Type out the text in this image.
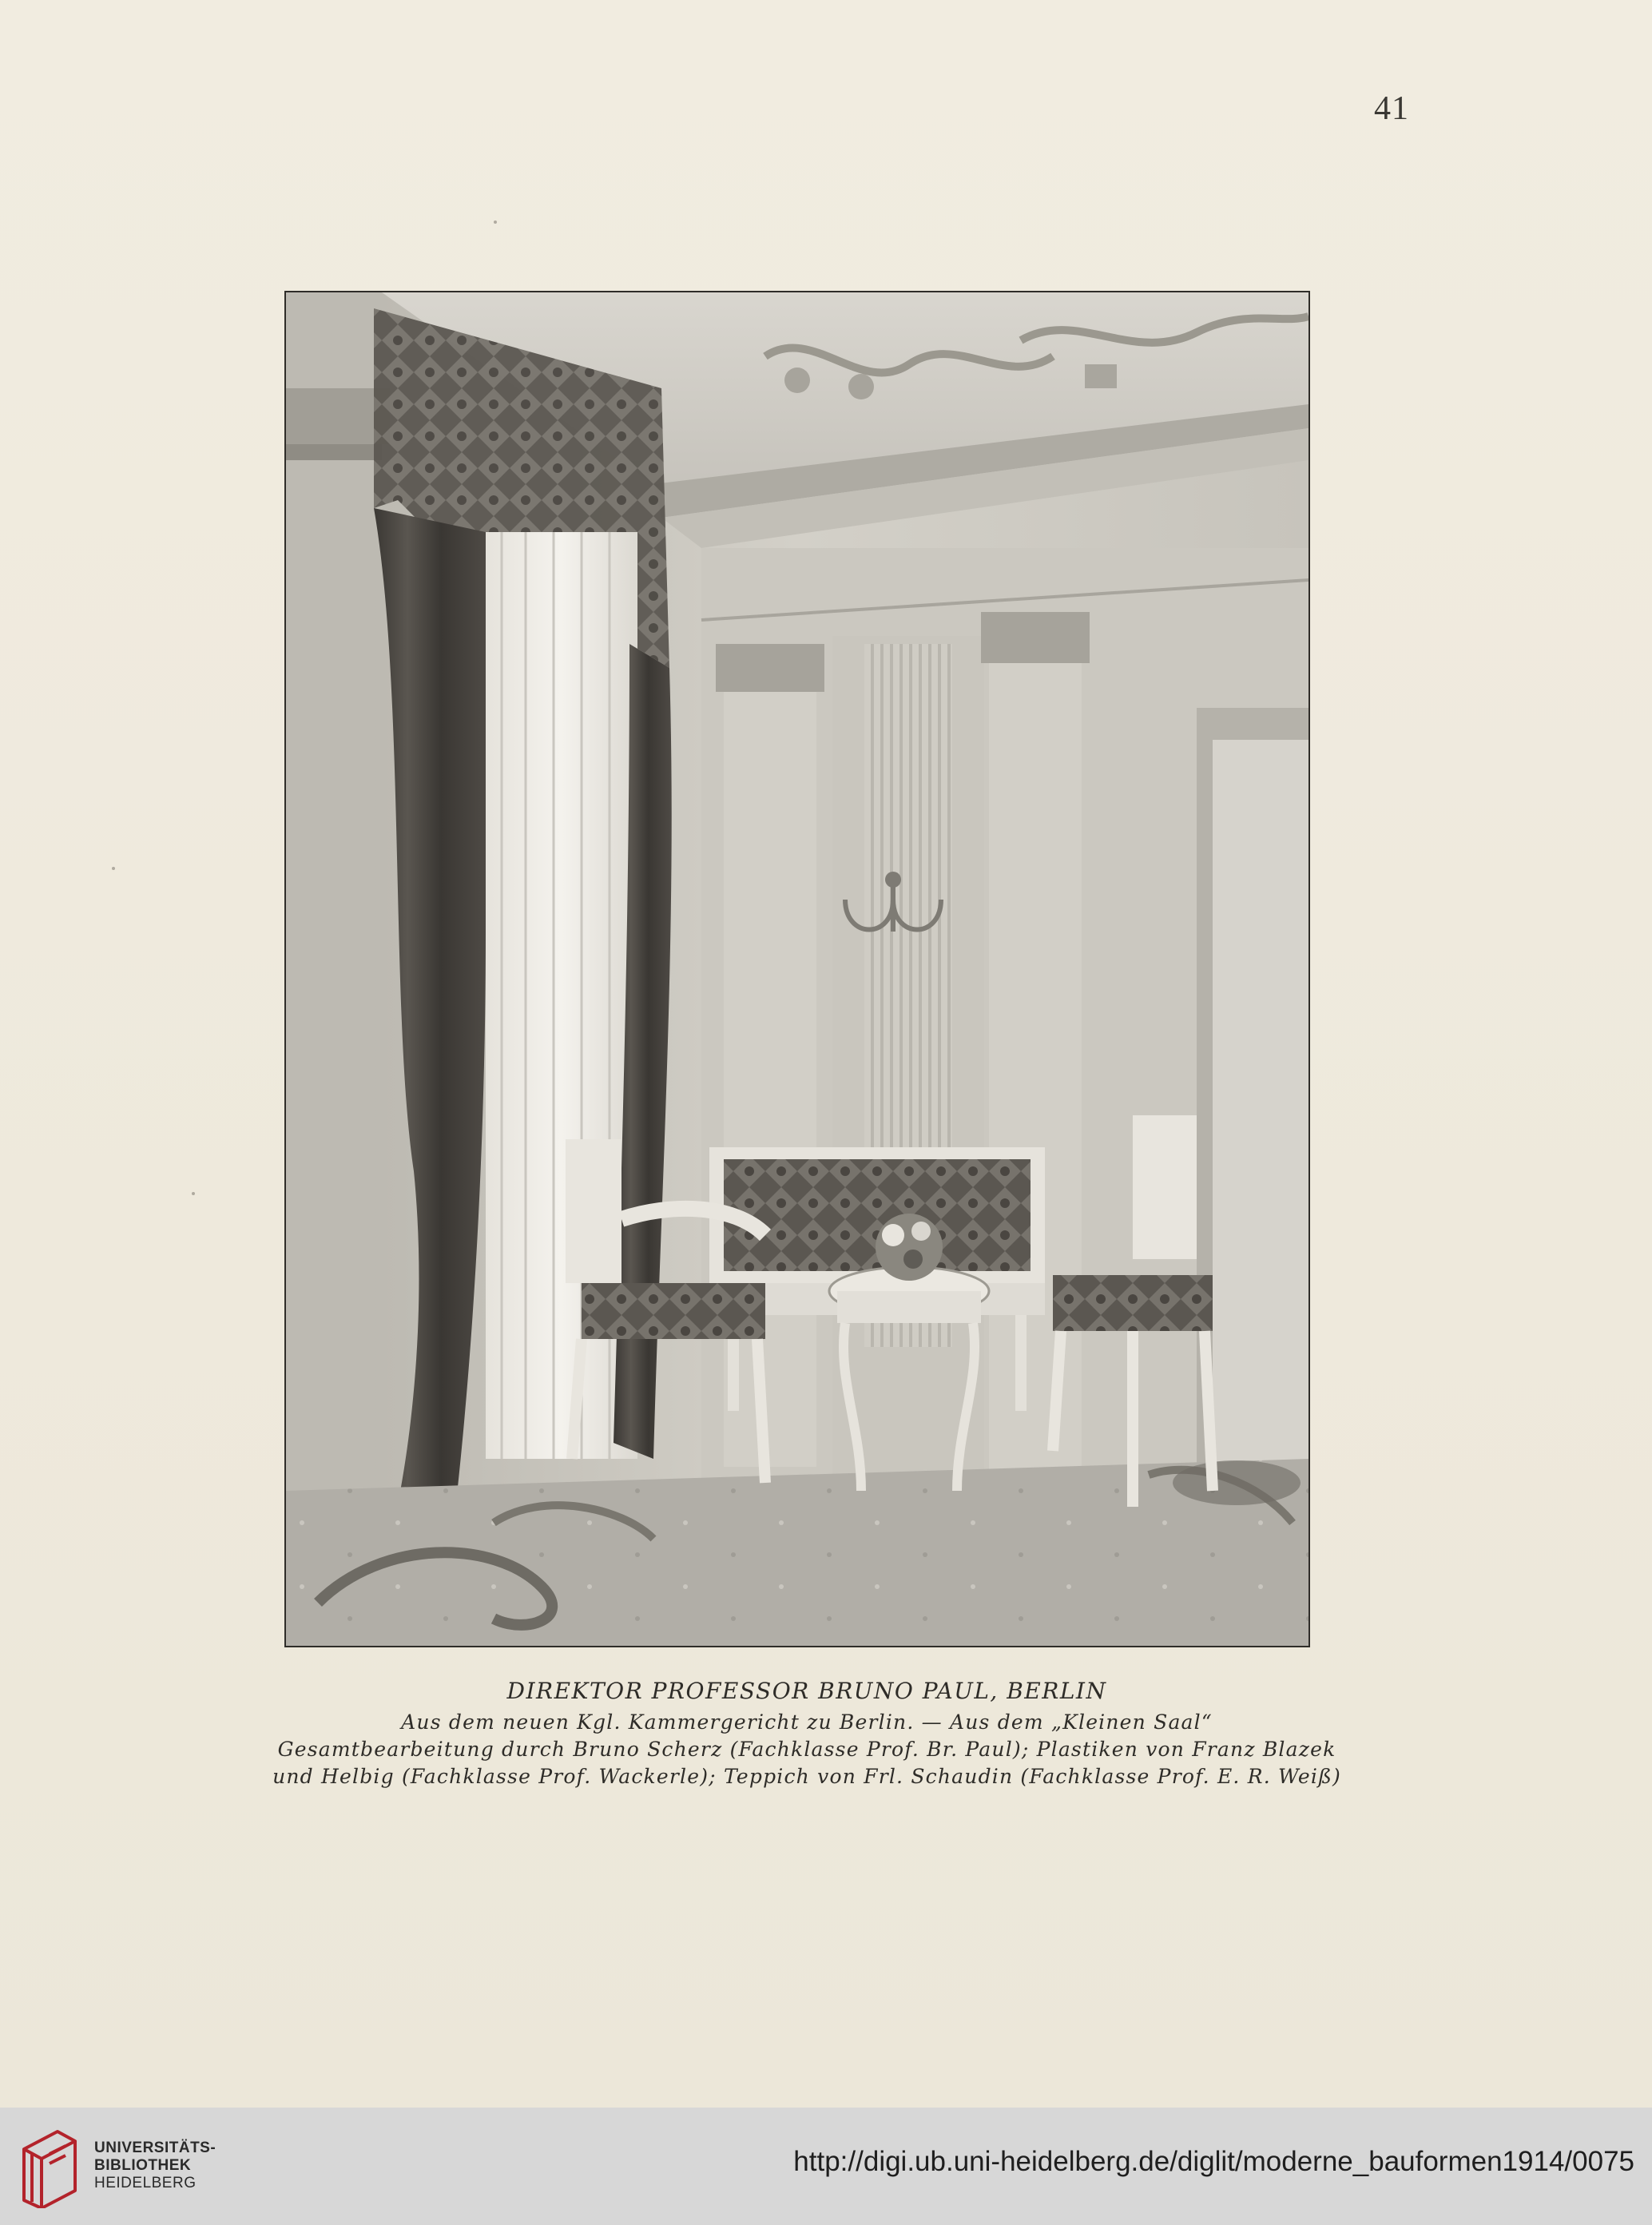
41

DIREKTOR PROFESSOR BRUNO PAUL, BERLIN

Aus dem neuen Kgl. Kammergericht zu Berlin. — Aus dem „Kleinen Saal“

Gesamtbearbeitung durch Bruno Scherz (Fachklasse Prof. Br. Paul); Plastiken von Franz Blazek

und Helbig (Fachklasse Prof. Wackerle); Teppich von Frl. Schaudin (Fachklasse Prof. E. R. Weiß)

UNIVERSITÄTS-
BIBLIOTHEK
HEIDELBERG
http://digi.ub.uni-heidelberg.de/diglit/moderne_bauformen1914/0075
